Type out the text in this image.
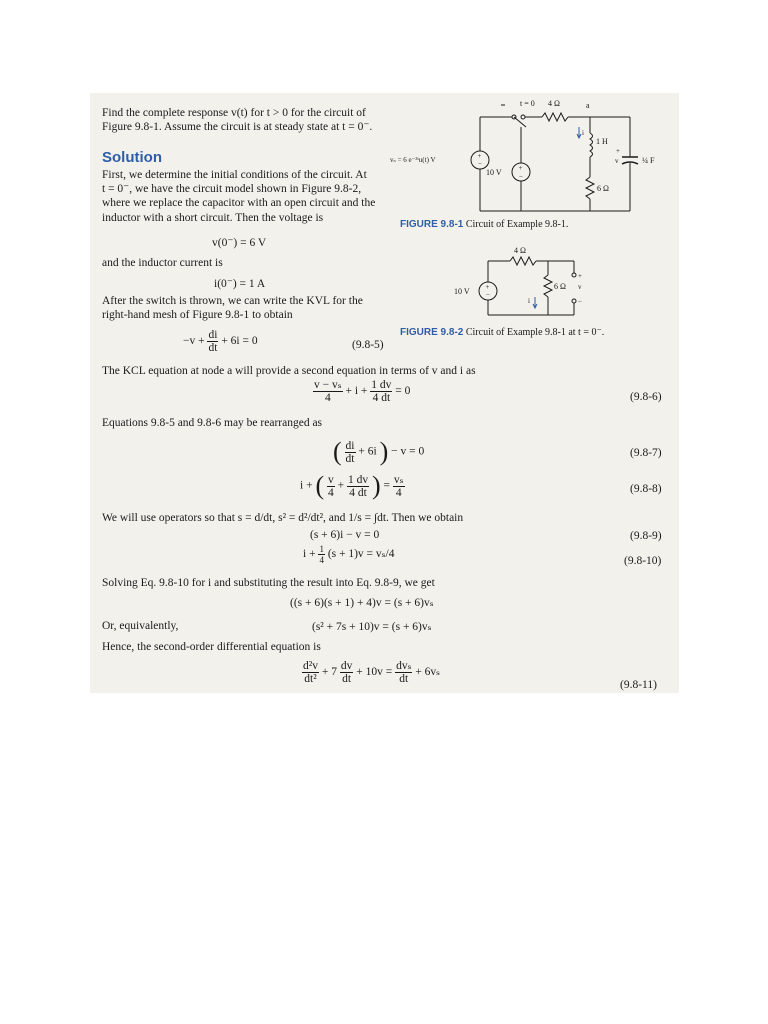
Find the complete response v(t) for t > 0 for the circuit of
Figure 9.8-1. Assume the circuit is at steady state at t = 0⁻.
Solution
First, we determine the initial conditions of the circuit. At
t = 0⁻, we have the circuit model shown in Figure 9.8-2,
where we replace the capacitor with an open circuit and the
inductor with a short circuit. Then the voltage is
v(0⁻) = 6 V
and the inductor current is
i(0⁻) = 1 A
After the switch is thrown, we can write the KVL for the
right-hand mesh of Figure 9.8-1 to obtain
$-v + \frac{di}{dt} + 6i = 0$	(9.8-5)
The KCL equation at node a will provide a second equation in terms of v and i as
$\frac{\text{v − vₛ}}{4} + i + \frac{1 dv}{4 dt} = 0$	(9.8-6)
Equations 9.8-5 and 9.8-6 may be rearranged as
( $\frac{di}{dt} + 6i$ ) − v = 0	(9.8-7)
i + ( $\frac{v}{4} + \frac{1 dv}{4 dt}$ ) = $\frac{\text{vₛ}}{4}$	(9.8-8)
We will use operators so that s = d/dt, s² = d²/dt², and 1/s = ∫dt. Then we obtain
(s + 6)i − v = 0	(9.8-9)
$i + \frac{1}{4} (s + 1)v = v_s/4$
(9.8-10)
Solving Eq. 9.8-10 for i and substituting the result into Eq. 9.8-9, we get
((s + 6)(s + 1) + 4)v = (s + 6)vₛ
Or, equivalently,	(s² + 7s + 10)v = (s + 6)vₛ
Hence, the second-order differential equation is
$\frac{\text{d²v}}{\text{dt²}} + 7 \frac{dv}{dt} + 10v = \frac{\text{dvₛ}}{dt} + 6v_s$
(9.8-11)
t = 0 4 Ω	a
1 H
6 Ω
¼ F
v
+
vₛ = 6 e⁻³ᵗu(t) V
10 V
i
+
−	+
−
FIGURE 9.8-1 Circuit of Example 9.8-1.
4 Ω
10 V
6 Ω
i
v
+
−
+
−
FIGURE 9.8-2 Circuit of Example 9.8-1 at t = 0⁻.
